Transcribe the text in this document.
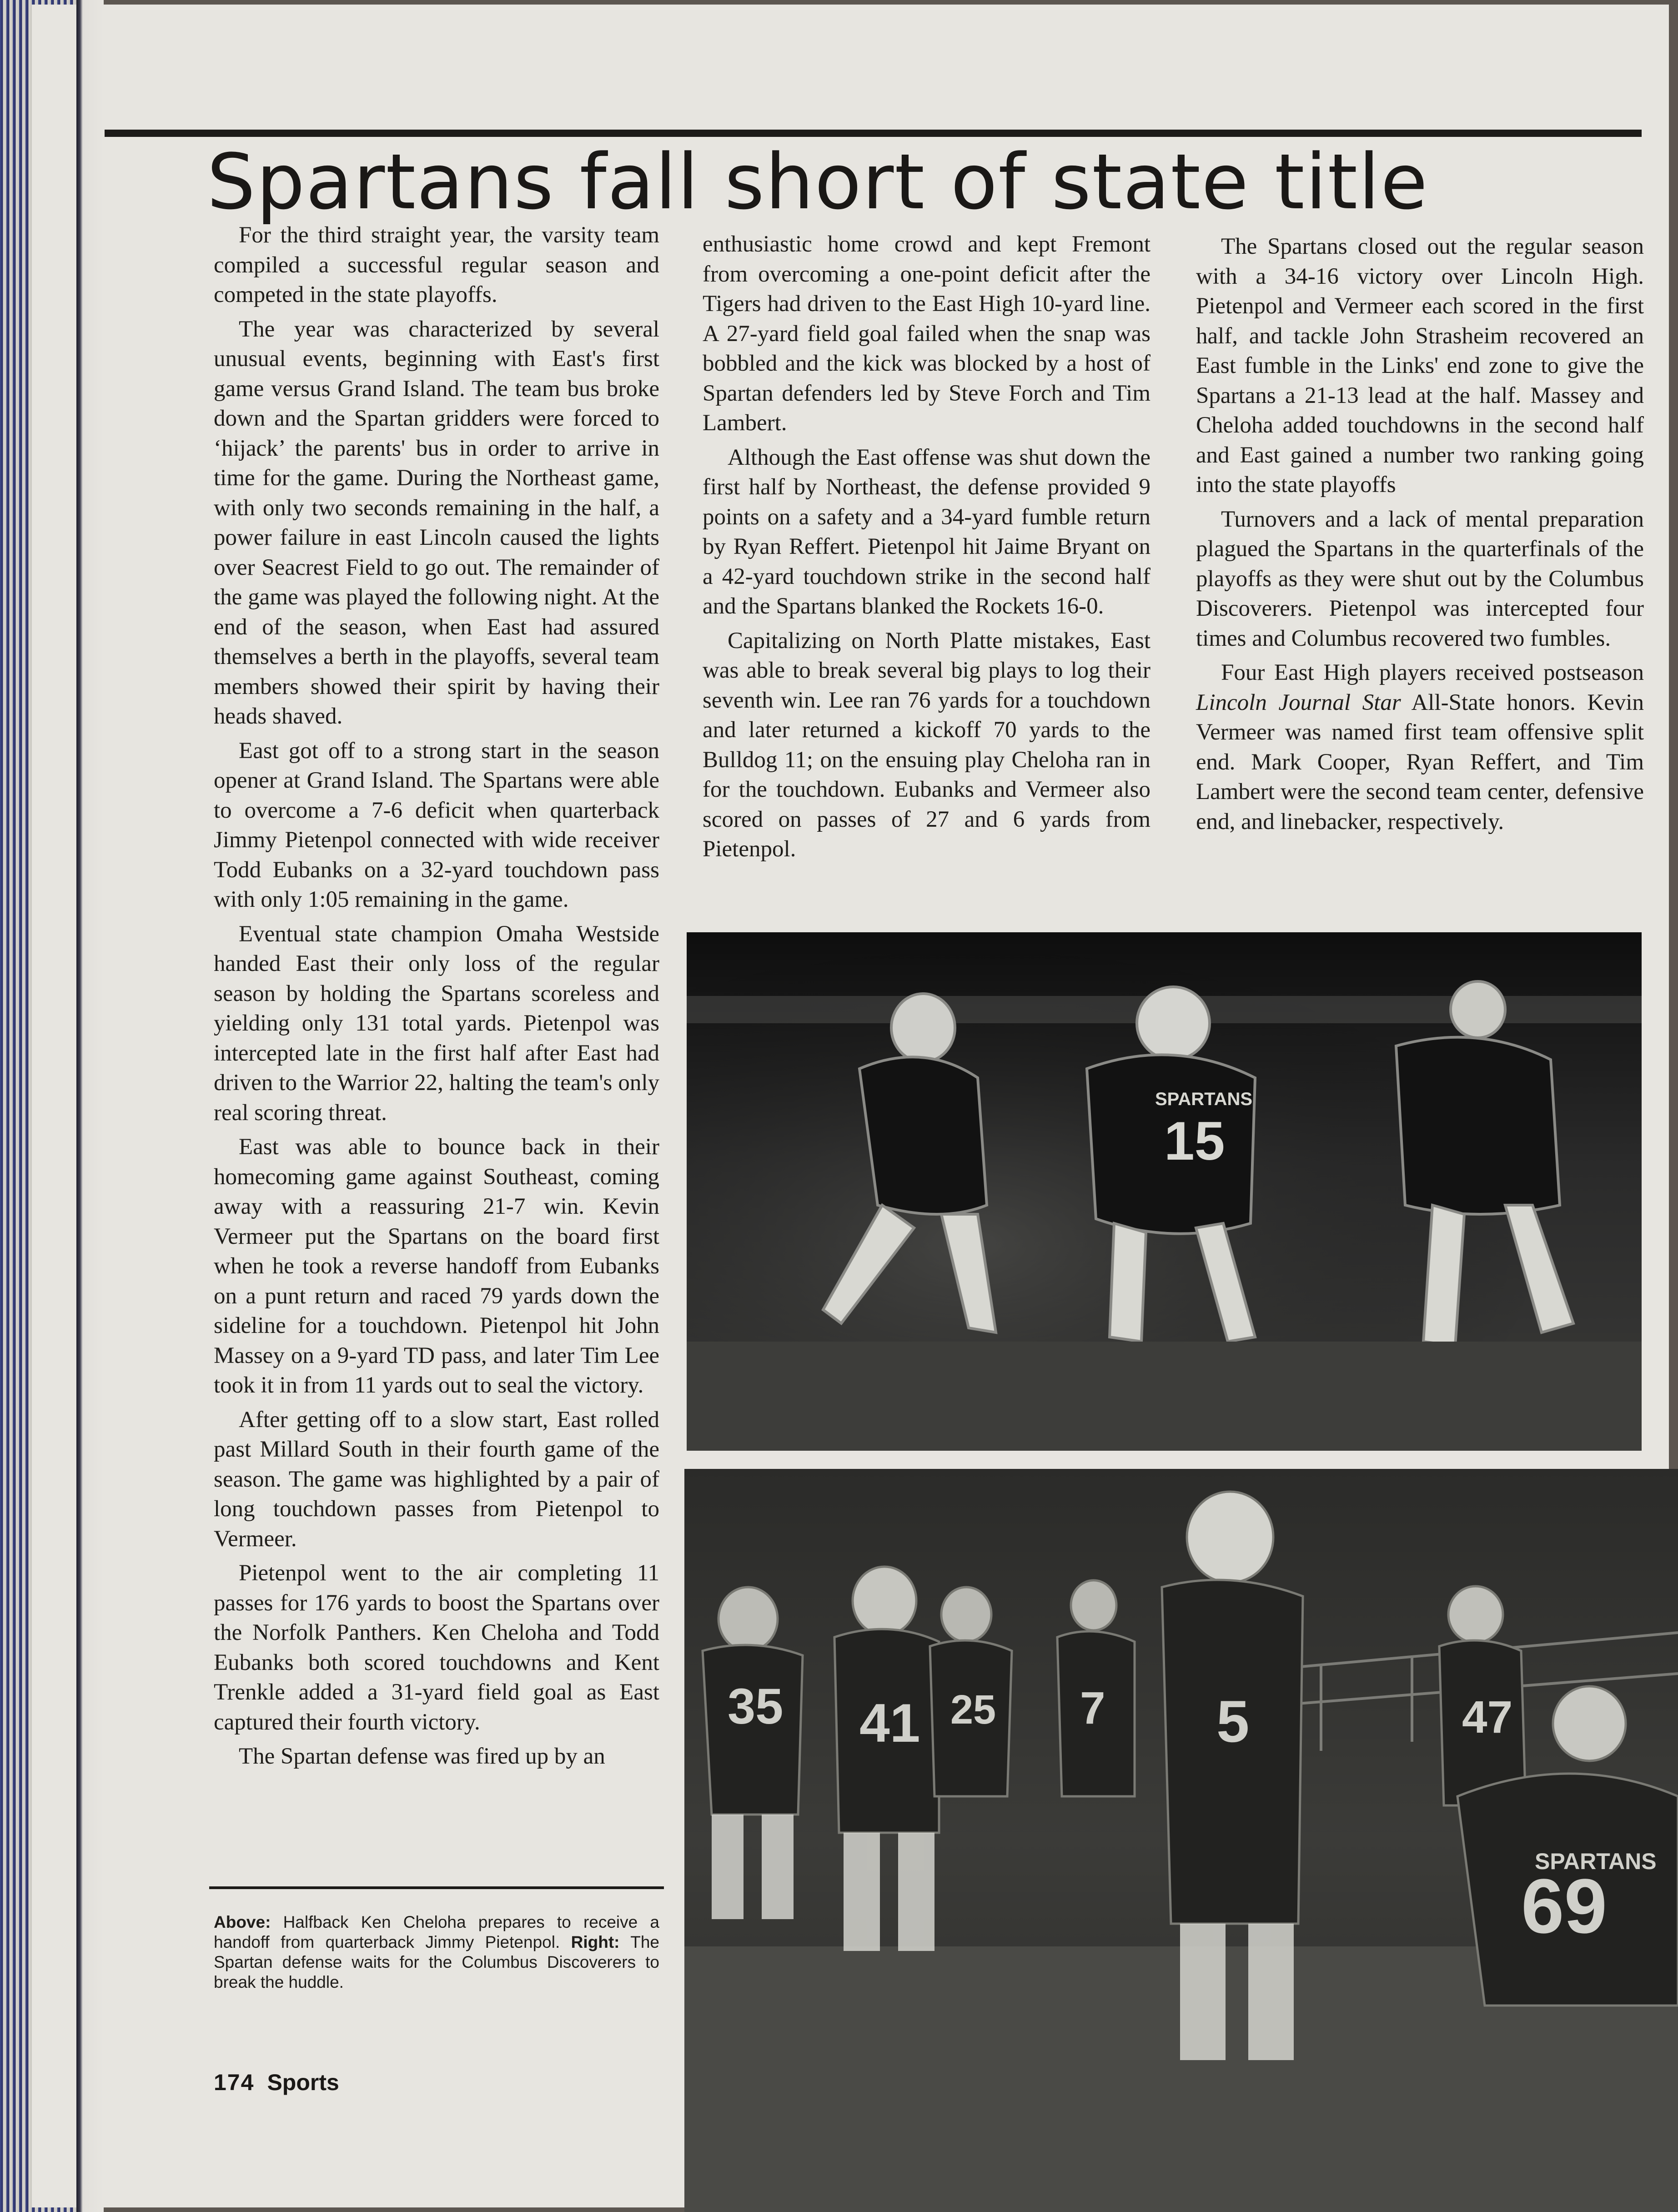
Spartans fall short of state title

For the third straight year, the varsity team compiled a successful regular season and competed in the state playoffs.

The year was characterized by several unusual events, beginning with East's first game versus Grand Island. The team bus broke down and the Spartan gridders were forced to ‘hijack’ the parents' bus in order to arrive in time for the game. During the Northeast game, with only two seconds remaining in the half, a power failure in east Lincoln caused the lights over Seacrest Field to go out. The remainder of the game was played the following night. At the end of the season, when East had assured themselves a berth in the playoffs, several team members showed their spirit by having their heads shaved.

East got off to a strong start in the season opener at Grand Island. The Spartans were able to overcome a 7-6 deficit when quarterback Jimmy Pietenpol connected with wide receiver Todd Eubanks on a 32-yard touchdown pass with only 1:05 remaining in the game.

Eventual state champion Omaha Westside handed East their only loss of the regular season by holding the Spartans scoreless and yielding only 131 total yards. Pietenpol was intercepted late in the first half after East had driven to the Warrior 22, halting the team's only real scoring threat.

East was able to bounce back in their homecoming game against Southeast, coming away with a reassuring 21-7 win. Kevin Vermeer put the Spartans on the board first when he took a reverse handoff from Eubanks on a punt return and raced 79 yards down the sideline for a touchdown. Pietenpol hit John Massey on a 9-yard TD pass, and later Tim Lee took it in from 11 yards out to seal the victory.

After getting off to a slow start, East rolled past Millard South in their fourth game of the season. The game was highlighted by a pair of long touchdown passes from Pietenpol to Vermeer.

Pietenpol went to the air completing 11 passes for 176 yards to boost the Spartans over the Norfolk Panthers. Ken Cheloha and Todd Eubanks both scored touchdowns and Kent Trenkle added a 31-yard field goal as East captured their fourth victory.

The Spartan defense was fired up by an

enthusiastic home crowd and kept Fremont from overcoming a one-point deficit after the Tigers had driven to the East High 10-yard line. A 27-yard field goal failed when the snap was bobbled and the kick was blocked by a host of Spartan defenders led by Steve Forch and Tim Lambert.

Although the East offense was shut down the first half by Northeast, the defense provided 9 points on a safety and a 34-yard fumble return by Ryan Reffert. Pietenpol hit Jaime Bryant on a 42-yard touchdown strike in the second half and the Spartans blanked the Rockets 16-0.

Capitalizing on North Platte mistakes, East was able to break several big plays to log their seventh win. Lee ran 76 yards for a touchdown and later returned a kickoff 70 yards to the Bulldog 11; on the ensuing play Cheloha ran in for the touchdown. Eubanks and Vermeer also scored on passes of 27 and 6 yards from Pietenpol.

The Spartans closed out the regular season with a 34-16 victory over Lincoln High. Pietenpol and Vermeer each scored in the first half, and tackle John Strasheim recovered an East fumble in the Links' end zone to give the Spartans a 21-13 lead at the half. Massey and Cheloha added touchdowns in the second half and East gained a number two ranking going into the state playoffs

Turnovers and a lack of mental preparation plagued the Spartans in the quarterfinals of the playoffs as they were shut out by the Columbus Discoverers. Pietenpol was intercepted four times and Columbus recovered two fumbles.

Four East High players received postseason Lincoln Journal Star All-State honors. Kevin Vermeer was named first team offensive split end. Mark Cooper, Ryan Reffert, and Tim Lambert were the second team center, defensive end, and linebacker, respectively.

Above: Halfback Ken Cheloha prepares to receive a handoff from quarterback Jimmy Pietenpol. Right: The Spartan defense waits for the Columbus Discoverers to break the huddle.
174 Sports
SPARTANS
15
35 41 25 7 5	47
SPARTANS
69
